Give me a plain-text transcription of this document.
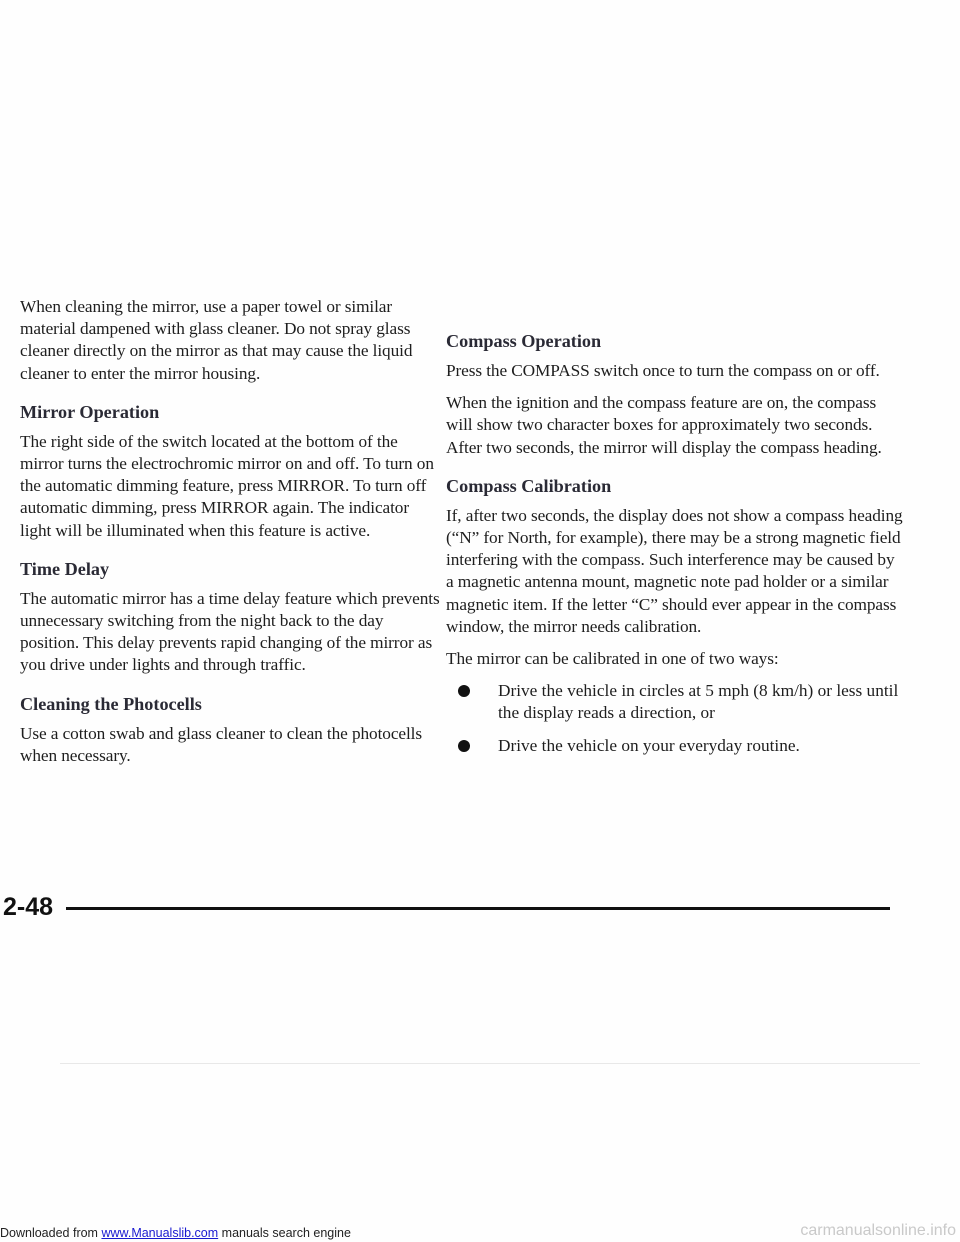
When cleaning the mirror, use a paper towel or similar material dampened with glass cleaner. Do not spray glass cleaner directly on the mirror as that may cause the liquid cleaner to enter the mirror housing.

Mirror Operation

The right side of the switch located at the bottom of the mirror turns the electrochromic mirror on and off. To turn on the automatic dimming feature, press MIRROR. To turn off automatic dimming, press MIRROR again. The indicator light will be illuminated when this feature is active.

Time Delay

The automatic mirror has a time delay feature which prevents unnecessary switching from the night back to the day position. This delay prevents rapid changing of the mirror as you drive under lights and through traffic.

Cleaning the Photocells

Use a cotton swab and glass cleaner to clean the photocells when necessary.

Compass Operation

Press the COMPASS switch once to turn the compass on or off.

When the ignition and the compass feature are on, the compass will show two character boxes for approximately two seconds. After two seconds, the mirror will display the compass heading.

Compass Calibration

If, after two seconds, the display does not show a compass heading (“N” for North, for example), there may be a strong magnetic field interfering with the compass. Such interference may be caused by a magnetic antenna mount, magnetic note pad holder or a similar magnetic item. If the letter “C” should ever appear in the compass window, the mirror needs calibration.

The mirror can be calibrated in one of two ways:

Drive the vehicle in circles at 5 mph (8 km/h) or less until the display reads a direction, or
Drive the vehicle on your everyday routine.
2-48
Downloaded from www.Manualslib.com manuals search engine	carmanualsonline.info
